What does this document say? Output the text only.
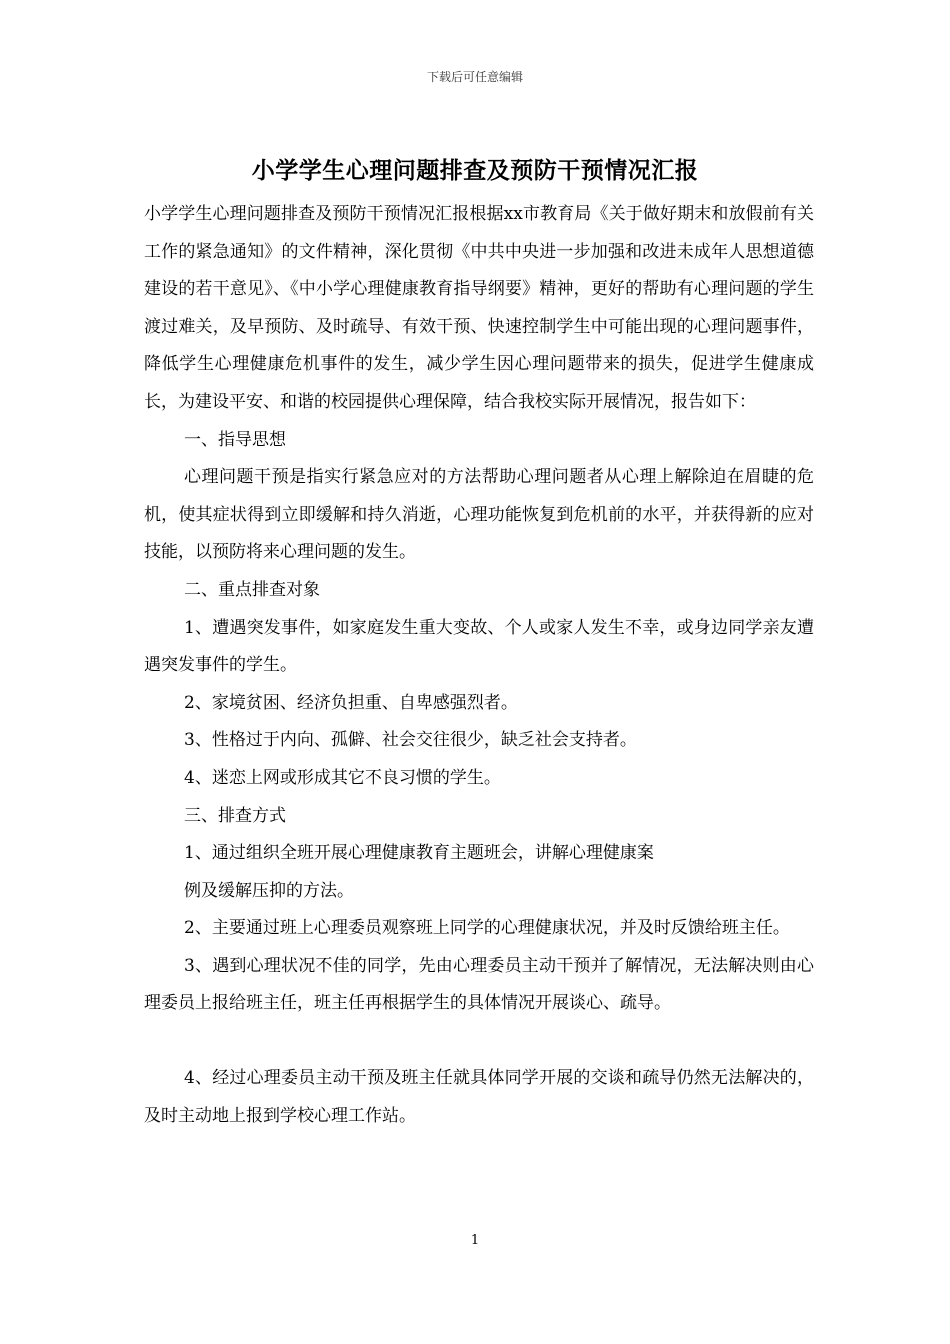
下载后可任意编辑
小学学生心理问题排查及预防干预情况汇报

小学学生心理问题排查及预防干预情况汇报根据xx市教育局《关于做好期末和放假前有关工作的紧急通知》的文件精神，深化贯彻《中共中央进一步加强和改进未成年人思想道德建设的若干意见》、《中小学心理健康教育指导纲要》精神，更好的帮助有心理问题的学生渡过难关，及早预防、及时疏导、有效干预、快速控制学生中可能出现的心理问题事件，降低学生心理健康危机事件的发生，减少学生因心理问题带来的损失，促进学生健康成长，为建设平安、和谐的校园提供心理保障，结合我校实际开展情况，报告如下：

一、指导思想

心理问题干预是指实行紧急应对的方法帮助心理问题者从心理上解除迫在眉睫的危机，使其症状得到立即缓解和持久消逝，心理功能恢复到危机前的水平，并获得新的应对技能，以预防将来心理问题的发生。

二、重点排查对象

1、遭遇突发事件，如家庭发生重大变故、个人或家人发生不幸，或身边同学亲友遭遇突发事件的学生。

2、家境贫困、经济负担重、自卑感强烈者。

3、性格过于内向、孤僻、社会交往很少，缺乏社会支持者。

4、迷恋上网或形成其它不良习惯的学生。

三、排查方式

1、通过组织全班开展心理健康教育主题班会，讲解心理健康案

例及缓解压抑的方法。

2、主要通过班上心理委员观察班上同学的心理健康状况，并及时反馈给班主任。

3、遇到心理状况不佳的同学，先由心理委员主动干预并了解情况，无法解决则由心理委员上报给班主任，班主任再根据学生的具体情况开展谈心、疏导。

4、经过心理委员主动干预及班主任就具体同学开展的交谈和疏导仍然无法解决的，及时主动地上报到学校心理工作站。

1
